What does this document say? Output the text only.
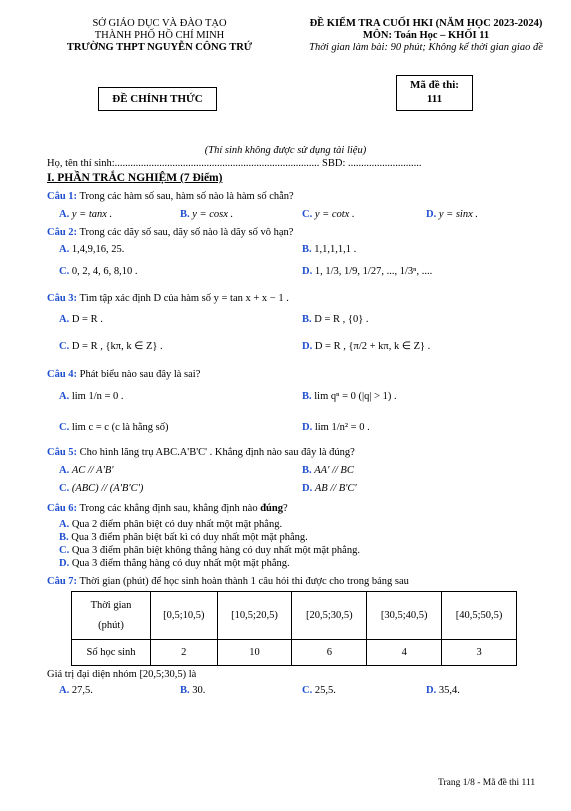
SỞ GIÁO DỤC VÀ ĐÀO TẠO
THÀNH PHỐ HỒ CHÍ MINH
TRƯỜNG THPT NGUYỄN CÔNG TRỨ
ĐỀ KIỂM TRA CUỐI HKI (NĂM HỌC 2023-2024)
MÔN: Toán Học – KHỐI 11
Thời gian làm bài: 90 phút; Không kể thời gian giao đề
ĐỀ CHÍNH THỨC
Mã đề thi:
111
(Thí sinh không được sử dụng tài liệu)
Họ, tên thí sinh:.............................................................................. SBD: ............................
I. PHẦN TRẮC NGHIỆM (7 Điểm)
Câu 1: Trong các hàm số sau, hàm số nào là hàm số chẵn?
A. y = tanx .	B. y = cosx .	C. y = cotx .	D. y = sinx .
Câu 2: Trong các dãy số sau, dãy số nào là dãy số vô hạn?
A. 1,4,9,16, 25.	B. 1,1,1,1,1 .
C. 0, 2, 4, 6, 8,10 .	D. 1, 1/3, 1/9, 1/27, ..., 1/3ⁿ, ....
Câu 3: Tìm tập xác định D của hàm số y = tan x + x − 1 .
A. D = R .	B. D = R , {0} .
C. D = R , {kπ, k ∈ Z} .	D. D = R , {π/2 + kπ, k ∈ Z} .
Câu 4: Phát biểu nào sau đây là sai?
A. lim 1/n = 0 .	B. lim qⁿ = 0 (|q| > 1) .
C. lim c = c (c là hằng số)	D. lim 1/n² = 0 .
Câu 5: Cho hình lăng trụ ABC.A'B'C' . Khẳng định nào sau đây là đúng?
A. AC // A'B'	B. AA' // BC
C. (ABC) // (A'B'C')	D. AB // B'C'
Câu 6: Trong các khẳng định sau, khẳng định nào đúng?
A. Qua 2 điểm phân biệt có duy nhất một mặt phẳng.
B. Qua 3 điểm phân biệt bất kì có duy nhất một mặt phẳng.
C. Qua 3 điểm phân biệt không thẳng hàng có duy nhất một mặt phẳng.
D. Qua 3 điểm thẳng hàng có duy nhất một mặt phẳng.
Câu 7: Thời gian (phút) để học sinh hoàn thành 1 câu hỏi thi được cho trong bảng sau
Thời gian
(phút)	[0,5;10,5)	[10,5;20,5)	[20,5;30,5)	[30,5;40,5)	[40,5;50,5)
Số học sinh	2	10	6	4	3
Giá trị đại diện nhóm [20,5;30,5) là
A. 27,5.	B. 30.	C. 25,5.	D. 35,4.
Trang 1/8 - Mã đề thi 111
